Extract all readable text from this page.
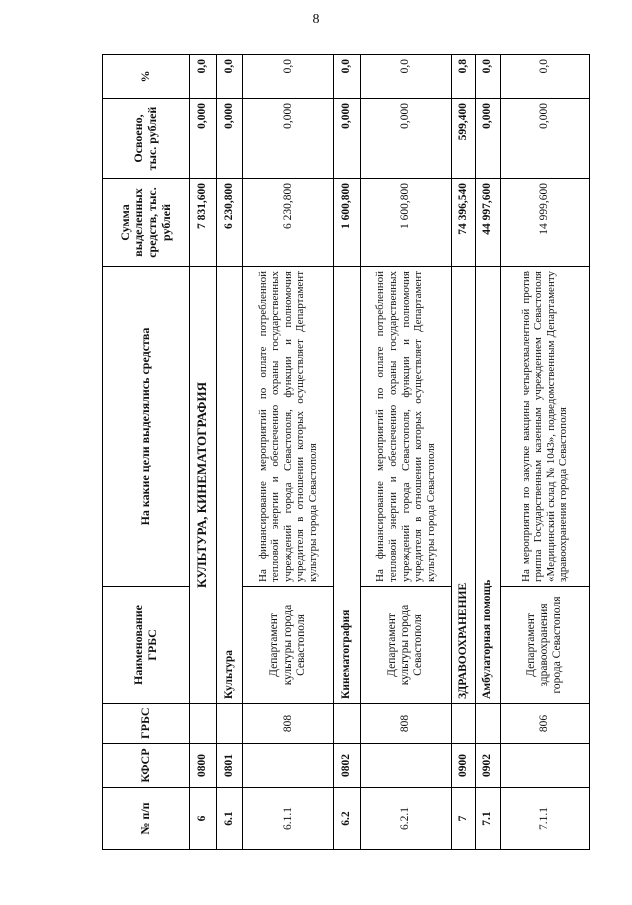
8
№ п/п	КФСР	ГРБС	Наименование ГРБС	На какие цели выделялись средства	Сумма выделенных средств, тыс. рублей	Освоено, тыс. рублей	%
6	0800		КУЛЬТУРА, КИНЕМАТОГРАФИЯ		7 831,600	0,000	0,0
6.1	0801		Культура		6 230,800	0,000	0,0
6.1.1		808	Департамент культуры города Севастополя	На финансирование мероприятий по оплате потребленной тепловой энергии и обеспечению охраны государственных учреждений города Севастополя, функции и полномочия учредителя в отношении которых осуществляет Департамент культуры города Севастополя	6 230,800	0,000	0,0
6.2	0802		Кинематография		1 600,800	0,000	0,0
6.2.1		808	Департамент культуры города Севастополя	На финансирование мероприятий по оплате потребленной тепловой энергии и обеспечению охраны государственных учреждений города Севастополя, функции и полномочия учредителя в отношении которых осуществляет Департамент культуры города Севастополя	1 600,800	0,000	0,0
7	0900		ЗДРАВООХРАНЕНИЕ		74 396,540	599,400	0,8
7.1	0902		Амбулаторная помощь		44 997,600	0,000	0,0
7.1.1		806	Департамент здравоохранения города Севастополя	На мероприятия по закупке вакцины четырехвалентной против гриппа Государственным казенным учреждением Севастополя «Медицинский склад № 1043», подведомственным Департаменту здравоохранения города Севастополя	14 999,600	0,000	0,0
